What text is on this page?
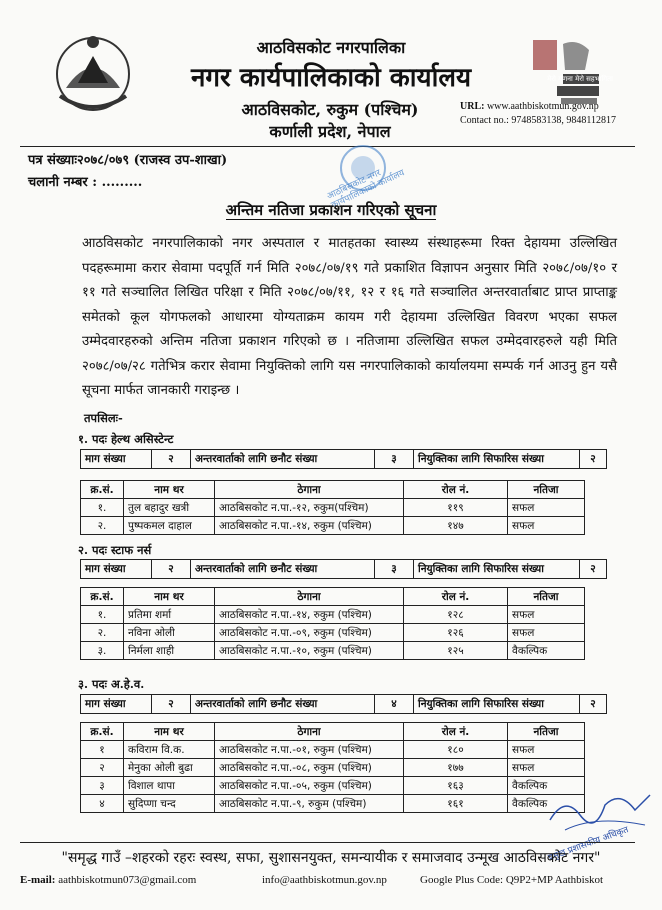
मेरो गणना मेरो सहभागिता
आठविसकोट नगरपालिका
नगर कार्यपालिकाको कार्यालय
आठविसकोट, रुकुम (पश्चिम)
कर्णाली प्रदेश, नेपाल
URL: www.aathbiskotmun.gov.np
Contact no.: 9748583138, 9848112817
पत्र संख्याः२०७८/०७९ (राजस्व उप-शाखा)
चलानी नम्बर : .........	आठबिसकोट नगर कार्यपालिकाको कार्यालय
अन्तिम नतिजा प्रकाशन गरिएको सूचना
आठविसकोट नगरपालिकाको नगर अस्पताल र मातहतका स्वास्थ्य संस्थाहरूमा रिक्त देहायमा उल्लिखित पदहरूमामा करार सेवामा पदपूर्ति गर्न मिति २०७८/०७/१९ गते प्रकाशित विज्ञापन अनुसार मिति २०७८/०७/१० र ११ गते सञ्चालित लिखित परिक्षा र मिति २०७८/०७/११, १२ र १६ गते सञ्चालित अन्तरवार्ताबाट प्राप्त प्राप्ताङ्क समेतको कूल योगफलको आधारमा योग्यताक्रम कायम गरी देहायमा उल्लिखित विवरण भएका सफल उम्मेदवारहरुको अन्तिम नतिजा प्रकाशन गरिएको छ । नतिजामा उल्लिखित सफल उम्मेदवारहरुले यही मिति २०७८/०७/२८ गतेभित्र करार सेवामा नियुक्तिको लागि यस नगरपालिकाको कार्यालयमा सम्पर्क गर्न आउनु हुन यसै सूचना मार्फत जानकारी गराइन्छ ।
तपसिलः-
१. पदः हेल्थ असिस्टेन्ट
माग संख्या	२	अन्तरवार्ताको लागि छनौट संख्या	३	नियुक्तिका लागि सिफारिस संख्या	२
क्र.सं.	नाम थर	ठेगाना	रोल नं.	नतिजा
१.	तुल बहादुर खत्री	आठबिसकोट न.पा.-१२, रुकुम(पश्चिम)	११९	सफल
२.	पुष्पकमल दाहाल	आठबिसकोट न.पा.-१४, रुकुम (पश्चिम)	१४७	सफल
२. पदः स्टाफ नर्स
माग संख्या	२	अन्तरवार्ताको लागि छनौट संख्या	३	नियुक्तिका लागि सिफारिस संख्या	२
क्र.सं.	नाम थर	ठेगाना	रोल नं.	नतिजा
१.	प्रतिमा शर्मा	आठबिसकोट न.पा.-१४, रुकुम (पश्चिम)	१२८	सफल
२.	नविना ओली	आठबिसकोट न.पा.-०९, रुकुम (पश्चिम)	१२६	सफल
३.	निर्मला शाही	आठबिसकोट न.पा.-१०, रुकुम (पश्चिम)	१२५	वैकल्पिक
३. पदः अ.हे.व.
माग संख्या	२	अन्तरवार्ताको लागि छनौट संख्या	४	नियुक्तिका लागि सिफारिस संख्या	२
क्र.सं.	नाम थर	ठेगाना	रोल नं.	नतिजा
१	कविराम वि.क.	आठबिसकोट न.पा.-०१, रुकुम (पश्चिम)	१८०	सफल
२	मेनुका ओली बुढा	आठबिसकोट न.पा.-०८, रुकुम (पश्चिम)	१७७	सफल
३	विशाल थापा	आठबिसकोट न.पा.-०५, रुकुम (पश्चिम)	१६३	वैकल्पिक
४	सुदिप्णा चन्द	आठबिसकोट न.पा.-९, रुकुम (पश्चिम)	१६१	वैकल्पिक
प्रमुख प्रशासकीय अधिकृत
"समृद्ध गाउँ –शहरको रहरः स्वस्थ, सफा, सुशासनयुक्त, समन्यायीक र समाजवाद उन्मूख आठविसकोट नगर"
E-mail: aathbiskotmun073@gmail.com	info@aathbiskotmun.gov.np	Google Plus Code: Q9P2+MP Aathbiskot
